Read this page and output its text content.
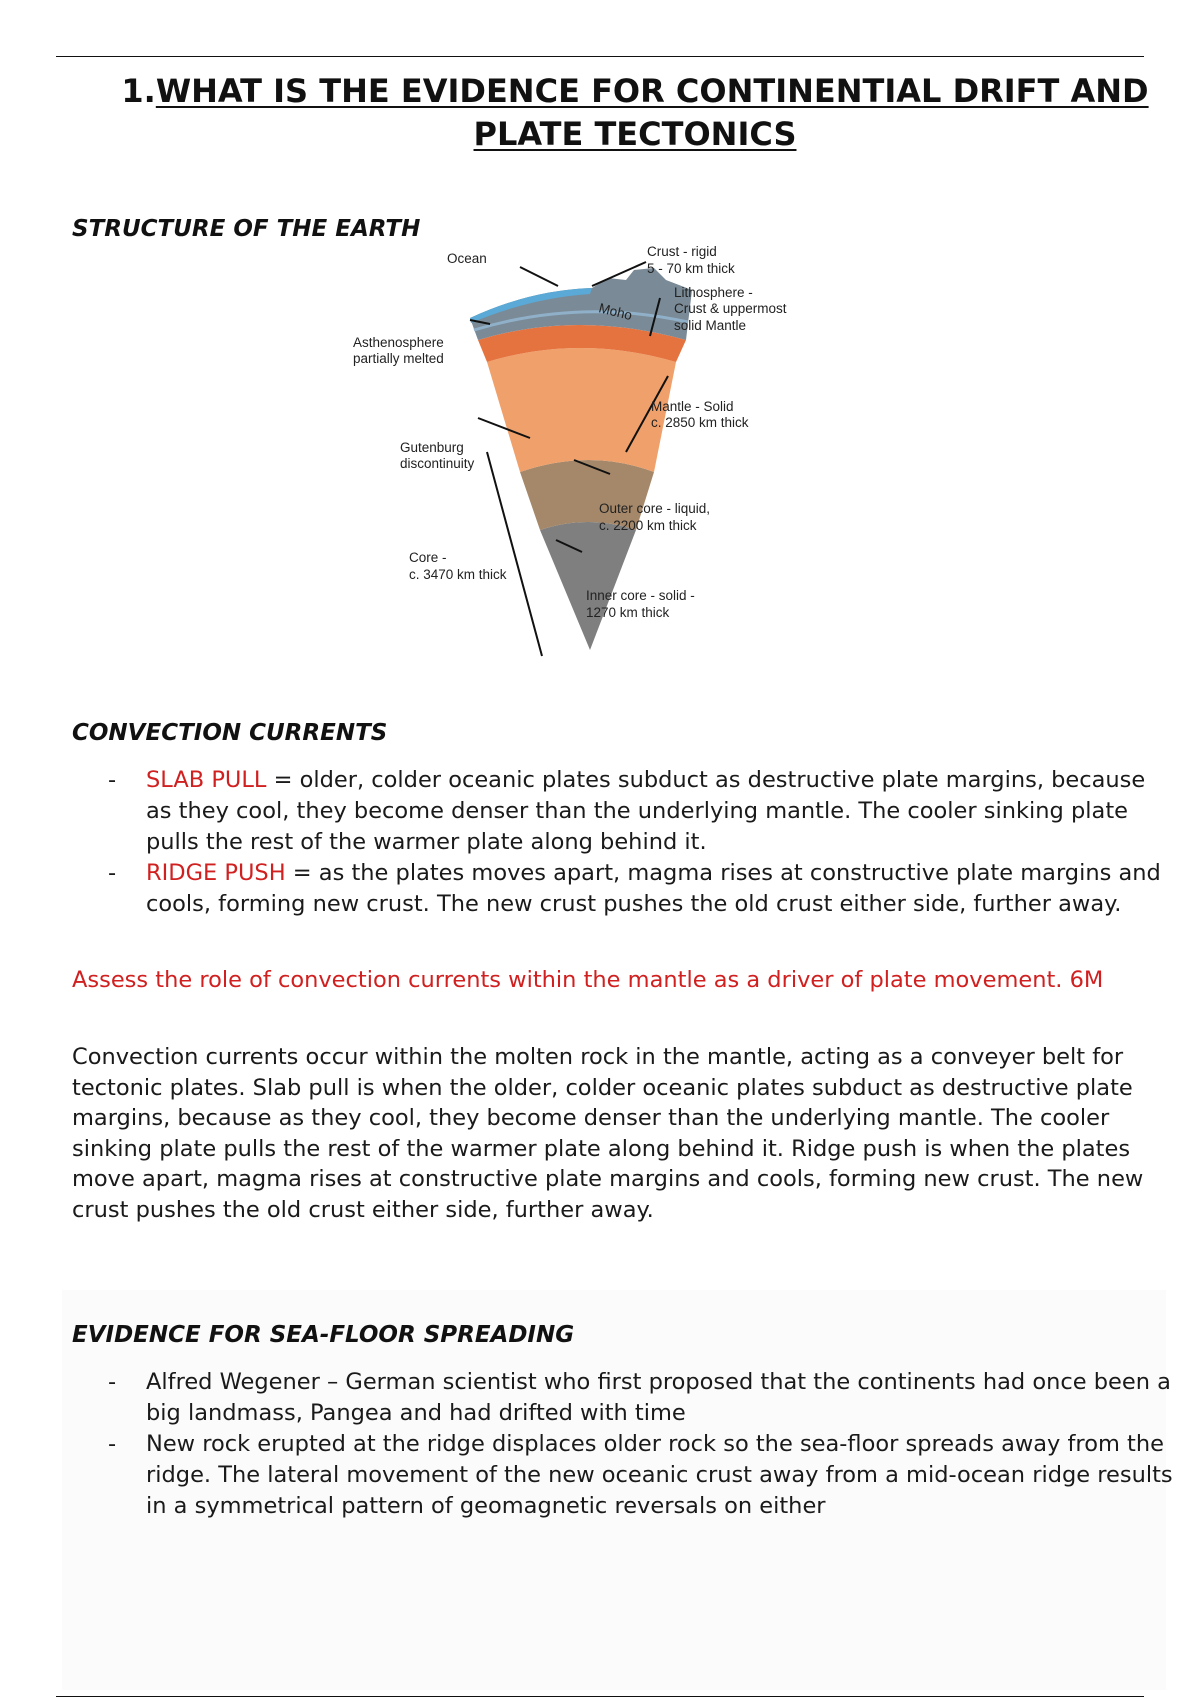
1.WHAT IS THE EVIDENCE FOR CONTINENTIAL DRIFT AND
PLATE TECTONICS
STRUCTURE OF THE EARTH
Moho
Ocean	Crust - rigid
5 - 70 km thick
Lithosphere -
Crust & uppermost
solid Mantle
Asthenosphere
partially melted
Mantle - Solid
c. 2850 km thick
Gutenburg
discontinuity
Outer core - liquid,
c. 2200 km thick
Core -
c. 3470 km thick
Inner core - solid -
1270 km thick
CONVECTION CURRENTS
- SLAB PULL = older, colder oceanic plates subduct as destructive plate margins, because as they cool, they become denser than the underlying mantle. The cooler sinking plate pulls the rest of the warmer plate along behind it.
- RIDGE PUSH = as the plates moves apart, magma rises at constructive plate margins and cools, forming new crust. The new crust pushes the old crust either side, further away.
Assess the role of convection currents within the mantle as a driver of plate movement. 6M
Convection currents occur within the molten rock in the mantle, acting as a conveyer belt for tectonic plates. Slab pull is when the older, colder oceanic plates subduct as destructive plate margins, because as they cool, they become denser than the underlying mantle. The cooler sinking plate pulls the rest of the warmer plate along behind it. Ridge push is when the plates move apart, magma rises at constructive plate margins and cools, forming new crust. The new crust pushes the old crust either side, further away.
EVIDENCE FOR SEA-FLOOR SPREADING
- Alfred Wegener – German scientist who first proposed that the continents had once been a big landmass, Pangea and had drifted with time
- New rock erupted at the ridge displaces older rock so the sea-floor spreads away from the ridge. The lateral movement of the new oceanic crust away from a mid-ocean ridge results in a symmetrical pattern of geomagnetic reversals on either
